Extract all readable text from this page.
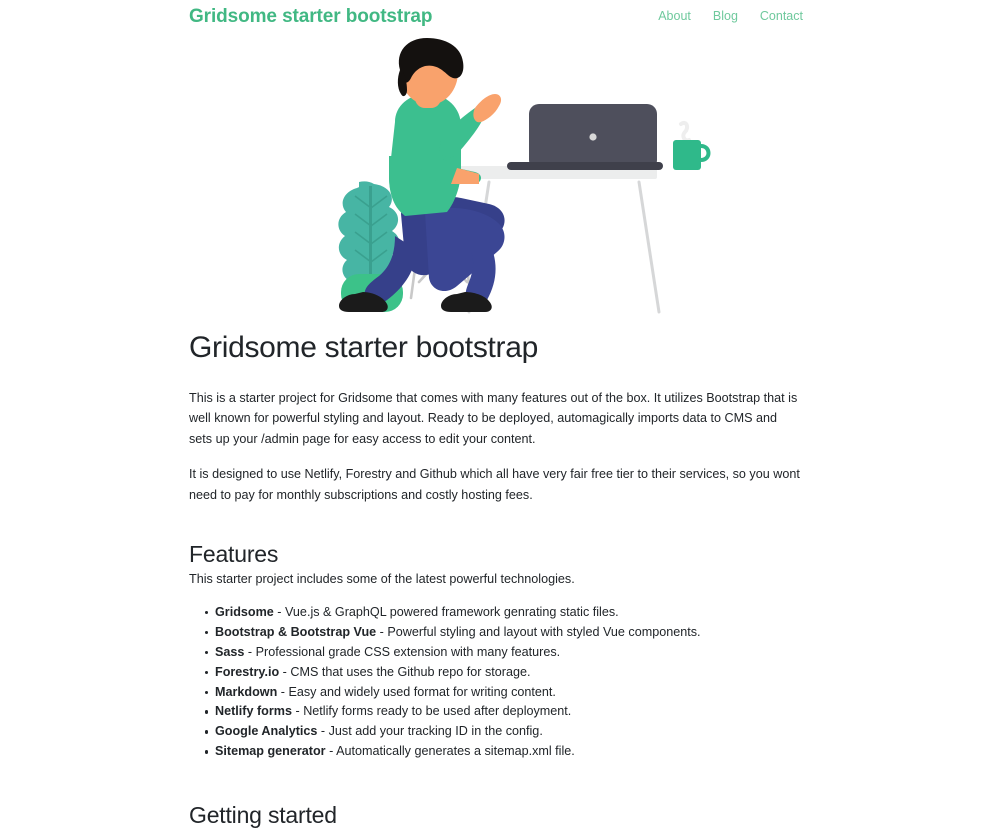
Gridsome starter bootstrap	About Blog Contact
Gridsome starter bootstrap

This is a starter project for Gridsome that comes with many features out of the box. It utilizes Bootstrap that is well known for powerful styling and layout. Ready to be deployed, automagically imports data to CMS and sets up your /admin page for easy access to edit your content.

It is designed to use Netlify, Forestry and Github which all have very fair free tier to their services, so you wont need to pay for monthly subscriptions and costly hosting fees.

Features

This starter project includes some of the latest powerful technologies.

Gridsome - Vue.js & GraphQL powered framework genrating static files.
Bootstrap & Bootstrap Vue - Powerful styling and layout with styled Vue components.
Sass - Professional grade CSS extension with many features.
Forestry.io - CMS that uses the Github repo for storage.
Markdown - Easy and widely used format for writing content.
Netlify forms - Netlify forms ready to be used after deployment.
Google Analytics - Just add your tracking ID in the config.
Sitemap generator - Automatically generates a sitemap.xml file.
Getting started
